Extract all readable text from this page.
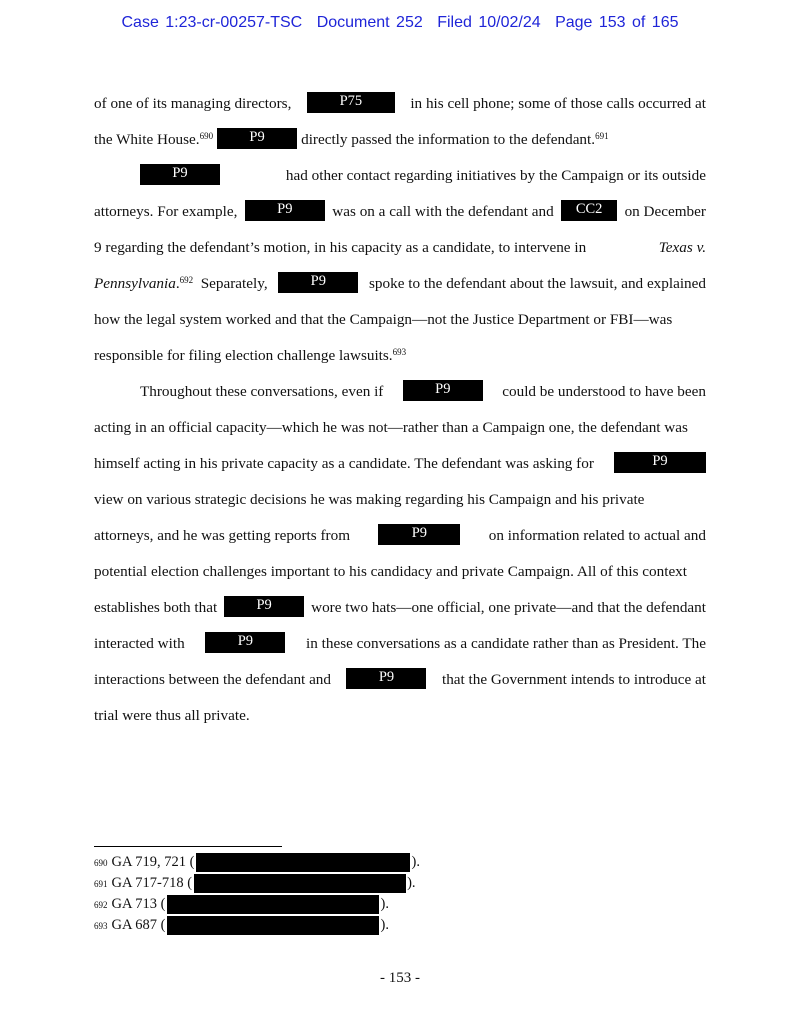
Case 1:23-cr-00257-TSC Document 252 Filed 10/02/24 Page 153 of 165
of one of its managing directors,	P75	in his cell phone; some of those calls occurred at
the White House.$^{690}$	P9	directly passed the information to the defendant.$^{691}$
P9	had other contact regarding initiatives by the Campaign or its outside
attorneys. For example,	P9	was on a call with the defendant and	CC2	on December
9 regarding the defendant’s motion, in his capacity as a candidate, to intervene in	Texas v.
Pennsylvania.$^{692}$ Separately,	P9	spoke to the defendant about the lawsuit, and explained
how the legal system worked and that the Campaign—not the Justice Department or FBI—was
responsible for filing election challenge lawsuits.$^{693}$
Throughout these conversations, even if	P9	could be understood to have been
acting in an official capacity—which he was not—rather than a Campaign one, the defendant was
himself acting in his private capacity as a candidate. The defendant was asking for	P9
view on various strategic decisions he was making regarding his Campaign and his private
attorneys, and he was getting reports from	P9	on information related to actual and
potential election challenges important to his candidacy and private Campaign. All of this context
establishes both that	P9	wore two hats—one official, one private—and that the defendant
interacted with	P9	in these conversations as a candidate rather than as President. The
interactions between the defendant and	P9	that the Government intends to introduce at
trial were thus all private.
690 GA 719, 721 (	).
691 GA 717-718 (	).
692 GA 713 (	).
693 GA 687 (	).
- 153 -
